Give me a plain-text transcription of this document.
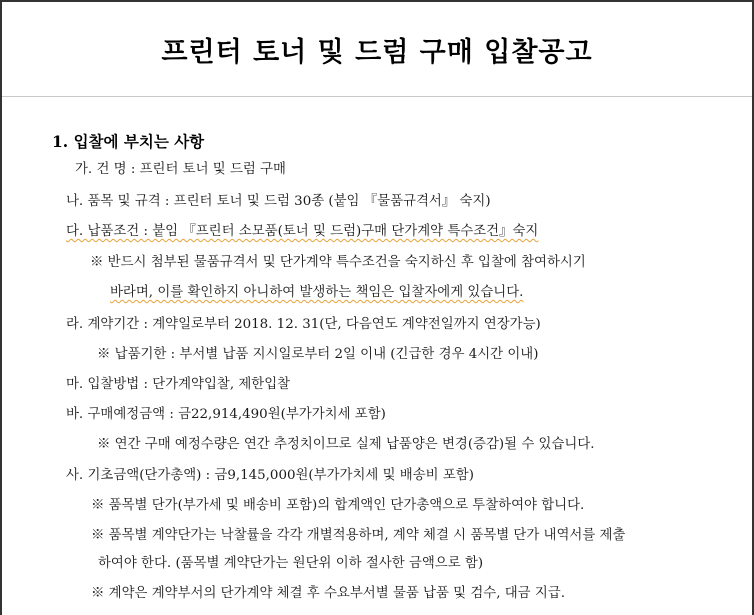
프린터 토너 및 드럼 구매 입찰공고
1. 입찰에 부치는 사항
가. 건 명 : 프린터 토너 및 드럼 구매
나. 품목 및 규격 : 프린터 토너 및 드럼 30종 (붙임 『물품규격서』 숙지)
다. 납품조건 : 붙임 『프린터 소모품(토너 및 드럼)구매 단가계약 특수조건』숙지
※ 반드시 첨부된 물품규격서 및 단가계약 특수조건을 숙지하신 후 입찰에 참여하시기
바라며, 이를 확인하지 아니하여 발생하는 책임은 입찰자에게 있습니다.
라. 계약기간 : 계약일로부터 2018. 12. 31(단, 다음연도 계약전일까지 연장가능)
※ 납품기한 : 부서별 납품 지시일로부터 2일 이내 (긴급한 경우 4시간 이내)
마. 입찰방법 : 단가계약입찰, 제한입찰
바. 구매예정금액 : 금22,914,490원(부가가치세 포함)
※ 연간 구매 예정수량은 연간 추정치이므로 실제 납품양은 변경(증감)될 수 있습니다.
사. 기초금액(단가총액) : 금9,145,000원(부가가치세 및 배송비 포함)
※ 품목별 단가(부가세 및 배송비 포함)의 합계액인 단가총액으로 투찰하여야 합니다.
※ 품목별 계약단가는 낙찰률을 각각 개별적용하며, 계약 체결 시 품목별 단가 내역서를 제출
하여야 한다. (품목별 계약단가는 원단위 이하 절사한 금액으로 함)
※ 계약은 계약부서의 단가계약 체결 후 수요부서별 물품 납품 및 검수, 대금 지급.
